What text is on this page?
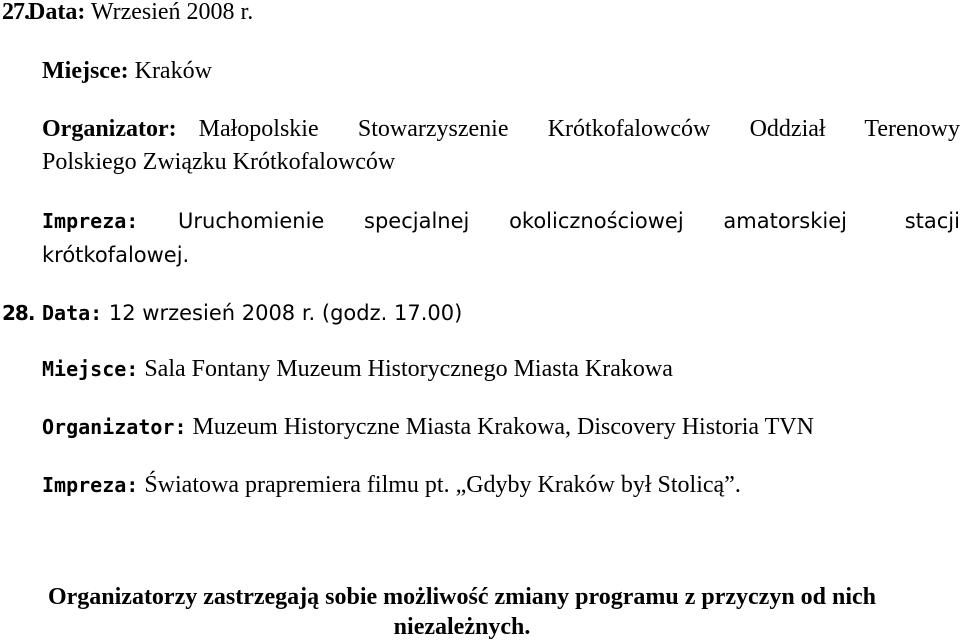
27.Data: Wrzesień 2008 r.
Miejsce: Kraków
Organizator: Małopolskie Stowarzyszenie Krótkofalowców Oddział Terenowy
Polskiego Związku Krótkofalowców
Impreza: Uruchomienie specjalnej okolicznościowej amatorskiej	stacji
krótkofalowej.
28. Data: 12 wrzesień 2008 r. (godz. 17.00)
Miejsce: Sala Fontany Muzeum Historycznego Miasta Krakowa
Organizator: Muzeum Historyczne Miasta Krakowa, Discovery Historia TVN
Impreza: Światowa prapremiera filmu pt. „Gdyby Kraków był Stolicą”.
Organizatorzy zastrzegają sobie możliwość zmiany programu z przyczyn od nich
niezależnych.
